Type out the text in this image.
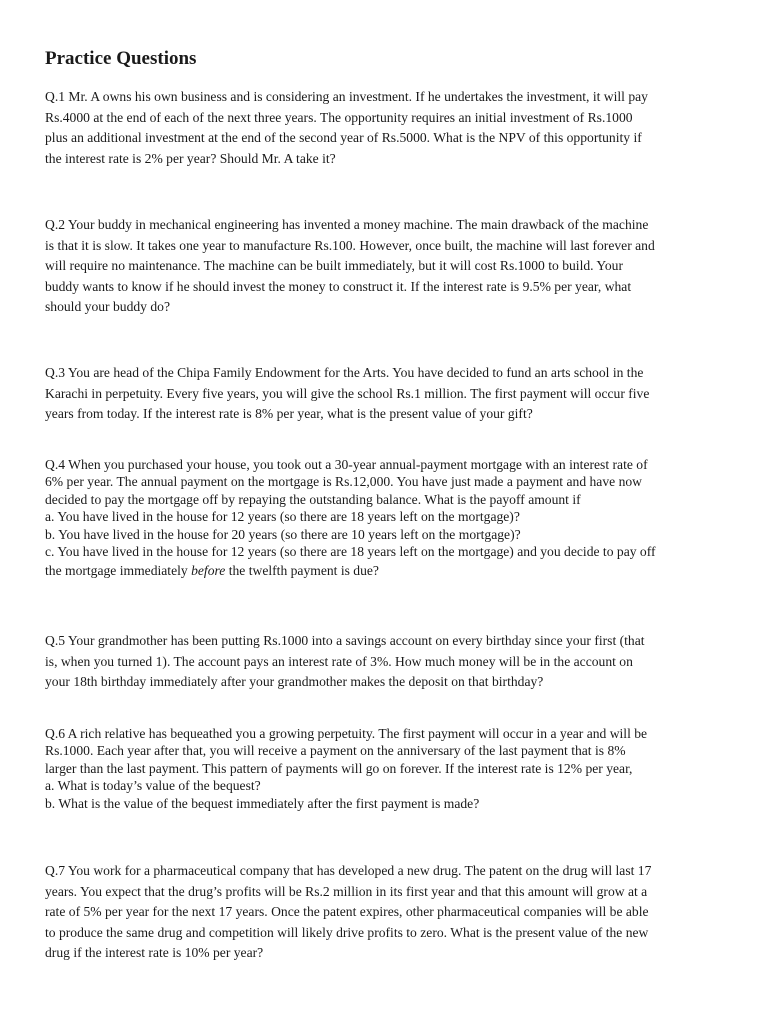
Practice Questions

Q.1 Mr. A owns his own business and is considering an investment. If he undertakes the investment, it will pay
Rs.4000 at the end of each of the next three years. The opportunity requires an initial investment of Rs.1000
plus an additional investment at the end of the second year of Rs.5000. What is the NPV of this opportunity if
the interest rate is 2% per year? Should Mr. A take it?

Q.2 Your buddy in mechanical engineering has invented a money machine. The main drawback of the machine
is that it is slow. It takes one year to manufacture Rs.100. However, once built, the machine will last forever and
will require no maintenance. The machine can be built immediately, but it will cost Rs.1000 to build. Your
buddy wants to know if he should invest the money to construct it. If the interest rate is 9.5% per year, what
should your buddy do?

Q.3 You are head of the Chipa Family Endowment for the Arts. You have decided to fund an arts school in the
Karachi in perpetuity. Every five years, you will give the school Rs.1 million. The first payment will occur five
years from today. If the interest rate is 8% per year, what is the present value of your gift?

Q.4 When you purchased your house, you took out a 30-year annual-payment mortgage with an interest rate of
6% per year. The annual payment on the mortgage is Rs.12,000. You have just made a payment and have now
decided to pay the mortgage off by repaying the outstanding balance. What is the payoff amount if
a. You have lived in the house for 12 years (so there are 18 years left on the mortgage)?
b. You have lived in the house for 20 years (so there are 10 years left on the mortgage)?
c. You have lived in the house for 12 years (so there are 18 years left on the mortgage) and you decide to pay off
the mortgage immediately before the twelfth payment is due?

Q.5 Your grandmother has been putting Rs.1000 into a savings account on every birthday since your first (that
is, when you turned 1). The account pays an interest rate of 3%. How much money will be in the account on
your 18th birthday immediately after your grandmother makes the deposit on that birthday?

Q.6 A rich relative has bequeathed you a growing perpetuity. The first payment will occur in a year and will be
Rs.1000. Each year after that, you will receive a payment on the anniversary of the last payment that is 8%
larger than the last payment. This pattern of payments will go on forever. If the interest rate is 12% per year,
a. What is today’s value of the bequest?
b. What is the value of the bequest immediately after the first payment is made?

Q.7 You work for a pharmaceutical company that has developed a new drug. The patent on the drug will last 17
years. You expect that the drug’s profits will be Rs.2 million in its first year and that this amount will grow at a
rate of 5% per year for the next 17 years. Once the patent expires, other pharmaceutical companies will be able
to produce the same drug and competition will likely drive profits to zero. What is the present value of the new
drug if the interest rate is 10% per year?
